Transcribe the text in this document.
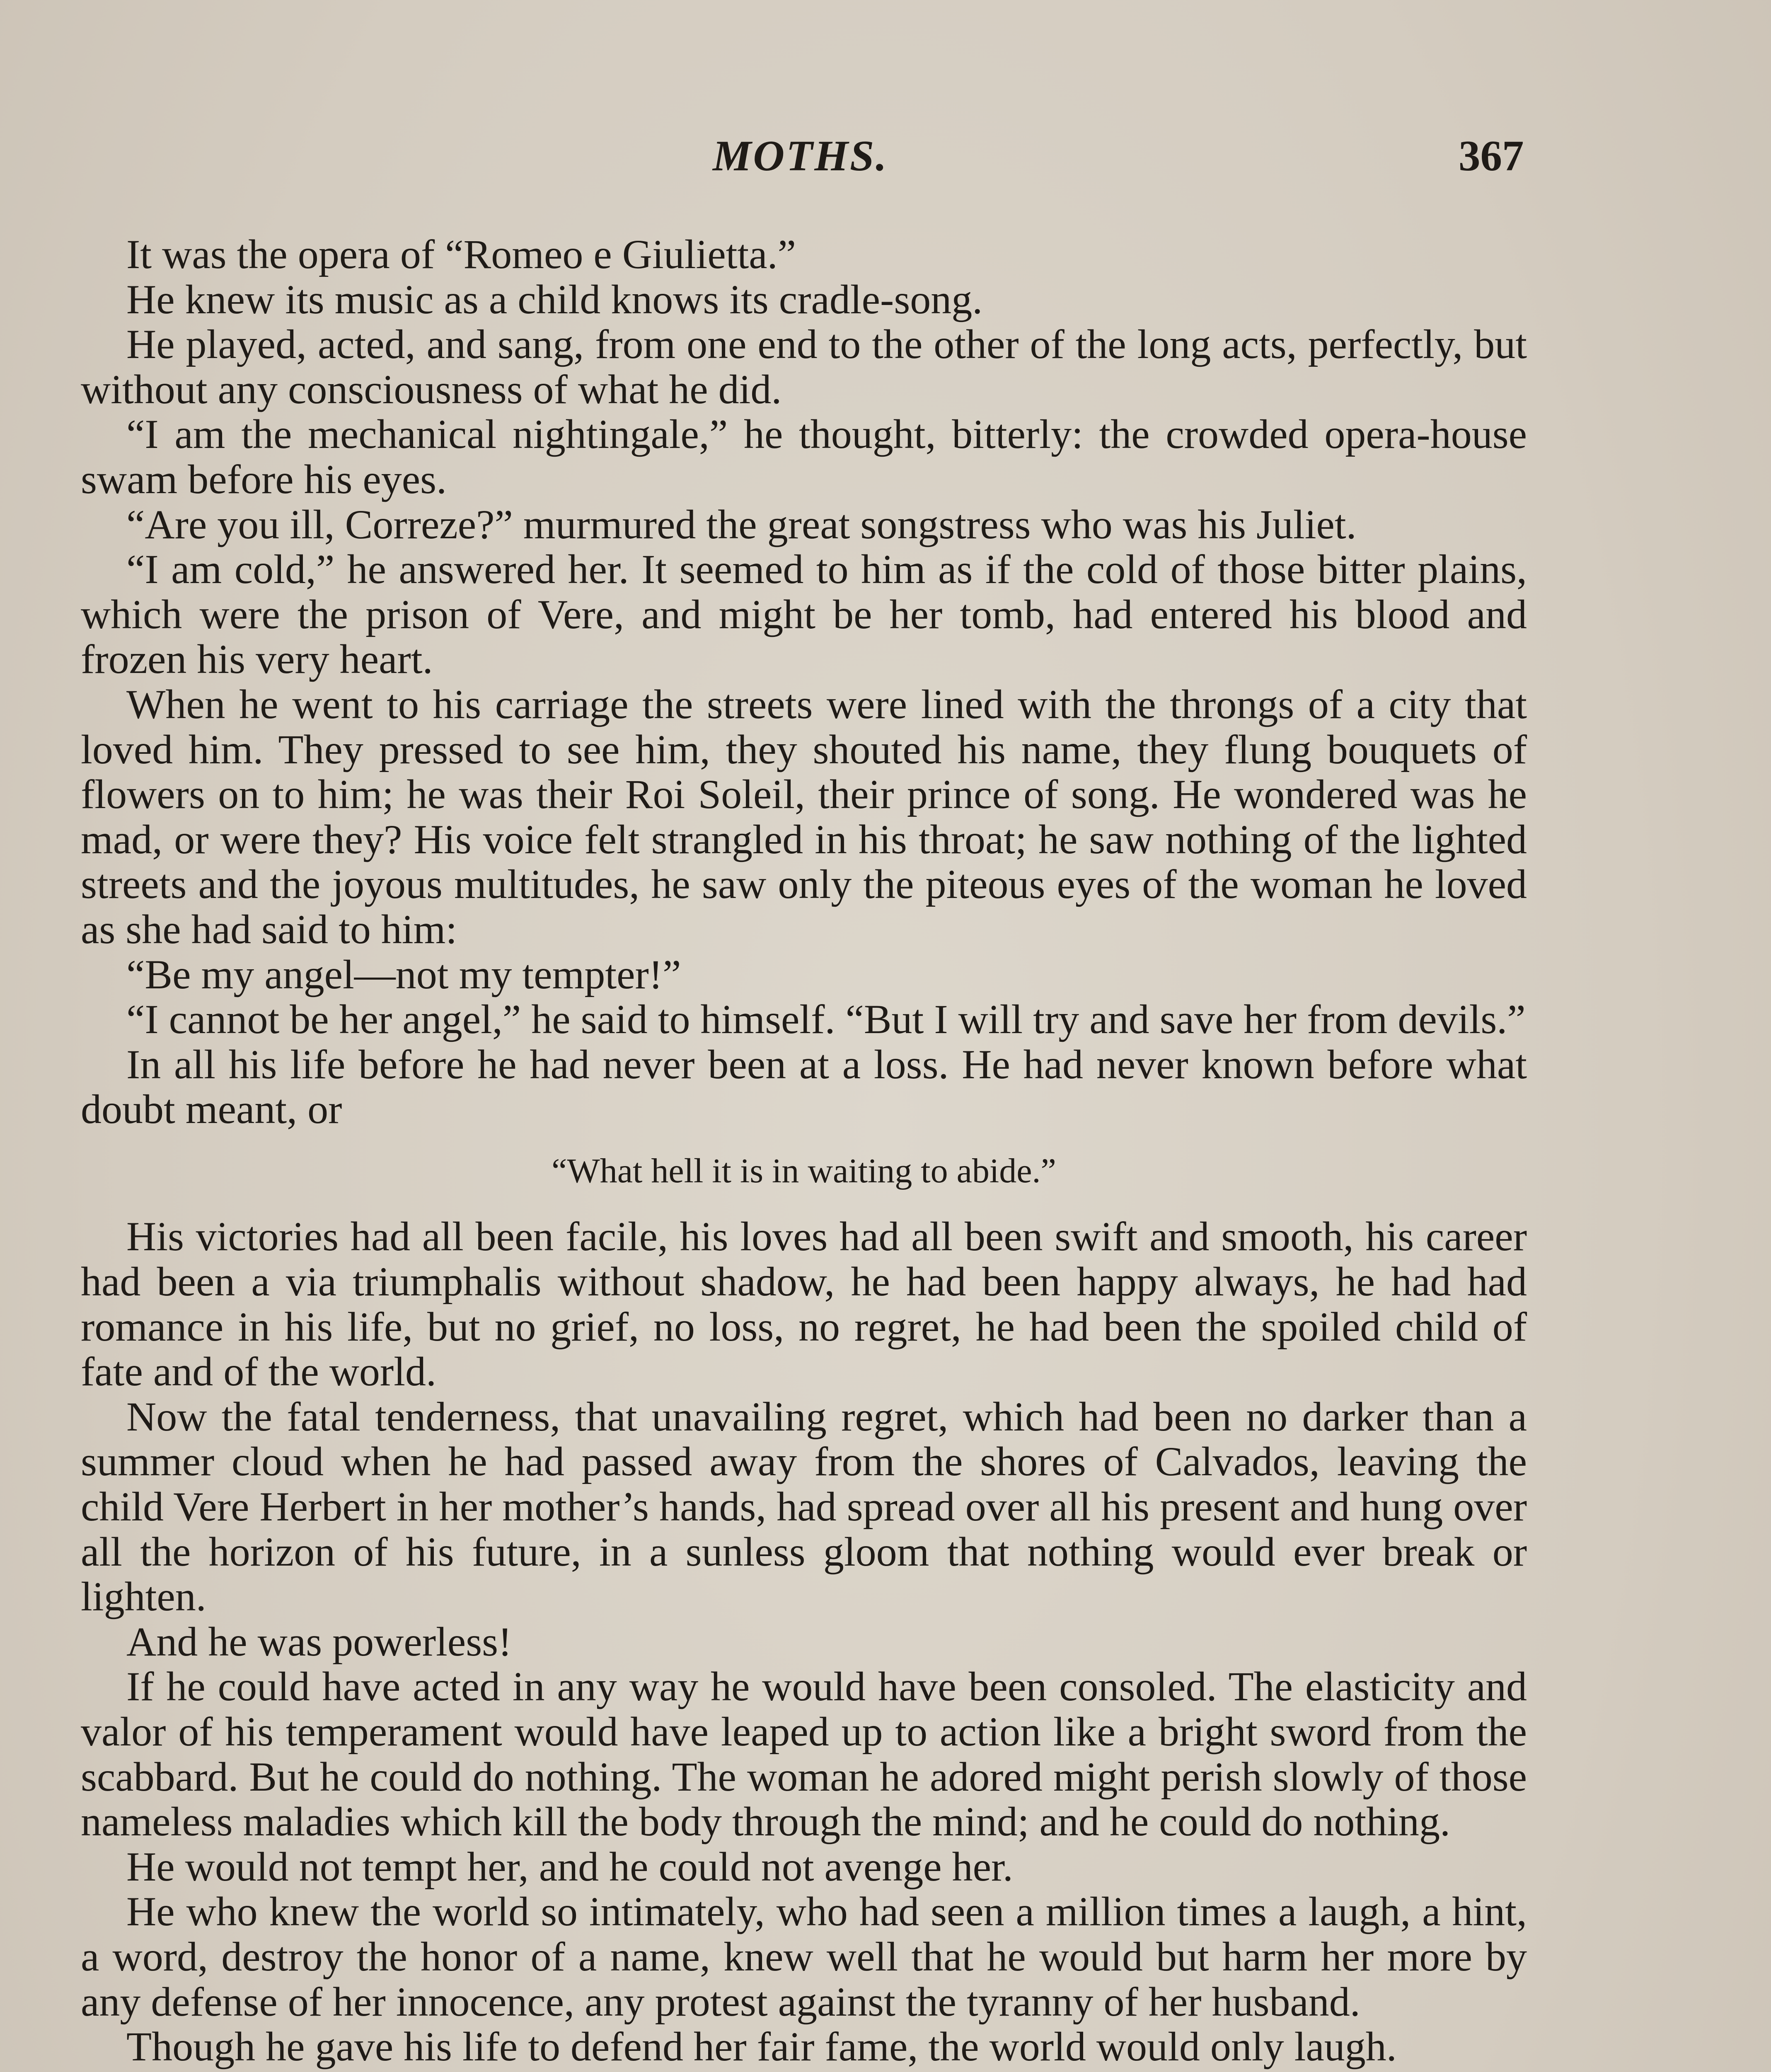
MOTHS.	367

It was the opera of “Romeo e Giulietta.”

He knew its music as a child knows its cradle-song.

He played, acted, and sang, from one end to the other of the long acts, perfectly, but without any consciousness of what he did.

“I am the mechanical nightingale,” he thought, bitterly: the crowded opera-house swam before his eyes.

“Are you ill, Correze?” murmured the great songstress who was his Juliet.

“I am cold,” he answered her. It seemed to him as if the cold of those bitter plains, which were the prison of Vere, and might be her tomb, had entered his blood and frozen his very heart.

When he went to his carriage the streets were lined with the throngs of a city that loved him. They pressed to see him, they shouted his name, they flung bouquets of flowers on to him; he was their Roi Soleil, their prince of song. He wondered was he mad, or were they? His voice felt strangled in his throat; he saw nothing of the lighted streets and the joyous multitudes, he saw only the piteous eyes of the woman he loved as she had said to him:

“Be my angel—not my tempter!”

“I cannot be her angel,” he said to himself. “But I will try and save her from devils.”

In all his life before he had never been at a loss. He had never known before what doubt meant, or

“What hell it is in waiting to abide.”

His victories had all been facile, his loves had all been swift and smooth, his career had been a via triumphalis without shadow, he had been happy always, he had had romance in his life, but no grief, no loss, no regret, he had been the spoiled child of fate and of the world.

Now the fatal tenderness, that unavailing regret, which had been no darker than a summer cloud when he had passed away from the shores of Calvados, leaving the child Vere Herbert in her mother’s hands, had spread over all his present and hung over all the horizon of his future, in a sunless gloom that nothing would ever break or lighten.

And he was powerless!

If he could have acted in any way he would have been consoled. The elasticity and valor of his temperament would have leaped up to action like a bright sword from the scabbard. But he could do nothing. The woman he adored might perish slowly of those nameless maladies which kill the body through the mind; and he could do nothing.

He would not tempt her, and he could not avenge her.

He who knew the world so intimately, who had seen a million times a laugh, a hint, a word, destroy the honor of a name, knew well that he would but harm her more by any defense of her innocence, any protest against the tyranny of her husband.

Though he gave his life to defend her fair fame, the world would only laugh.
